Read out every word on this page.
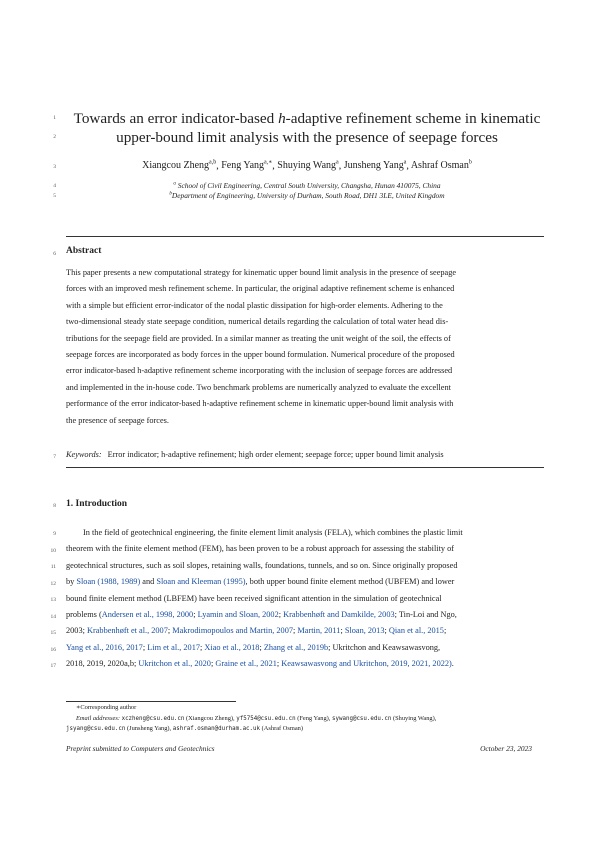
1
2
3
4
5
6
7
8
9
10
11
12
13
14
15
16
17
Towards an error indicator-based h-adaptive refinement scheme in kinematic
upper-bound limit analysis with the presence of seepage forces
Xiangcou Zheng$^{a,b}$, Feng Yang$^{a,∗}$, Shuying Wang$^a$, Junsheng Yang$^a$, Ashraf Osman$^b$
$^a$ School of Civil Engineering, Central South University, Changsha, Hunan 410075, China
$^b$Department of Engineering, University of Durham, South Road, DH1 3LE, United Kingdom
Abstract
This paper presents a new computational strategy for kinematic upper bound limit analysis in the presence of seepage
forces with an improved mesh refinement scheme. In particular, the original adaptive refinement scheme is enhanced
with a simple but efficient error-indicator of the nodal plastic dissipation for high-order elements. Adhering to the
two-dimensional steady state seepage condition, numerical details regarding the calculation of total water head dis-
tributions for the seepage field are provided. In a similar manner as treating the unit weight of the soil, the effects of
seepage forces are incorporated as body forces in the upper bound formulation. Numerical procedure of the proposed
error indicator-based h-adaptive refinement scheme incorporating with the inclusion of seepage forces are addressed
and implemented in the in-house code. Two benchmark problems are numerically analyzed to evaluate the excellent
performance of the error indicator-based h-adaptive refinement scheme in kinematic upper-bound limit analysis with
the presence of seepage forces.
Keywords: Error indicator; h-adaptive refinement; high order element; seepage force; upper bound limit analysis
1. Introduction
In the field of geotechnical engineering, the finite element limit analysis (FELA), which combines the plastic limit
theorem with the finite element method (FEM), has been proven to be a robust approach for assessing the stability of
geotechnical structures, such as soil slopes, retaining walls, foundations, tunnels, and so on. Since originally proposed
by Sloan (1988, 1989) and Sloan and Kleeman (1995), both upper bound finite element method (UBFEM) and lower
bound finite element method (LBFEM) have been received significant attention in the simulation of geotechnical
problems (Andersen et al., 1998, 2000; Lyamin and Sloan, 2002; Krabbenhøft and Damkilde, 2003; Tin-Loi and Ngo,
2003; Krabbenhøft et al., 2007; Makrodimopoulos and Martin, 2007; Martin, 2011; Sloan, 2013; Qian et al., 2015;
Yang et al., 2016, 2017; Lim et al., 2017; Xiao et al., 2018; Zhang et al., 2019b; Ukritchon and Keawsawasvong,
2018, 2019, 2020a,b; Ukritchon et al., 2020; Graine et al., 2021; Keawsawasvong and Ukritchon, 2019, 2021, 2022).
∗Corresponding author
Email addresses: xczheng@csu.edu.cn (Xiangcou Zheng), yf5754@csu.edu.cn (Feng Yang), sywang@csu.edu.cn (Shuying Wang),
jsyang@csu.edu.cn (Junsheng Yang), ashraf.osman@durham.ac.uk (Ashraf Osman)
Preprint submitted to Computers and Geotechnics	October 23, 2023
